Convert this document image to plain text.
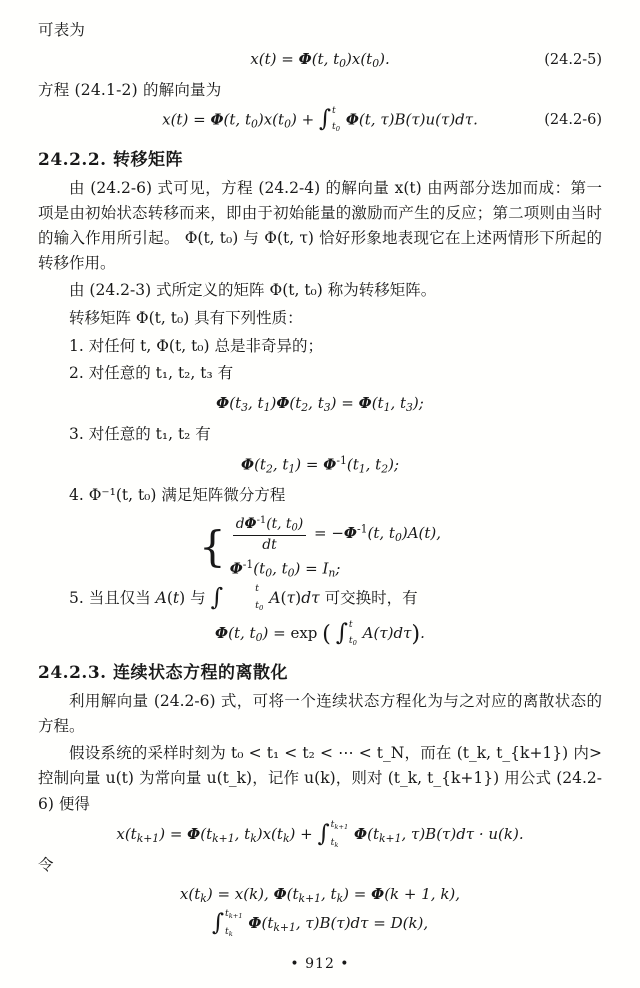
可表为

x(t) = Φ(t, $t_0)x(t_0)$.	(24.2-5)

方程 (24.1-2) 的解向量为

x(t) = Φ(t, $t_0)x(t_0)$ + ∫ t
$t_0$
Φ(t, τ)B(τ)u(τ)dτ.	(24.2-6)
24.2.2. 转移矩阵

由 (24.2-6) 式可见，方程 (24.2-4) 的解向量 x(t) 由两部分迭加而成：第一项是由初始状态转移而来，即由于初始能量的激励而产生的反应；第二项则由当时的输入作用所引起。 Φ(t, t₀) 与 Φ(t, τ) 恰好形象地表现它在上述两情形下所起的转移作用。

由 (24.2-3) 式所定义的矩阵 Φ(t, t₀) 称为转移矩阵。

转移矩阵 Φ(t, t₀) 具有下列性质：

1. 对任何 t, Φ(t, t₀) 总是非奇异的；

2. 对任意的 t₁, t₂, t₃ 有

$\Phi(t_3$, $t_1)\Phi(t_2$, $t_3) = \Phi(t_1$, $t_3$);

3. 对任意的 t₁, t₂ 有

$\Phi(t_2$, $t_1) = \Phi^{-1}(t_1$, $t_2$);

4. Φ⁻¹(t, t₀) 满足矩阵微分方程

{ $\frac{d\Phi^{-1}(t, t_0)}{dt} = -\Phi^{-1}(t$, $t_0)A(t)$,
$\Phi^{-1}(t_0$, $t_0) = I_n$;

5. 当且仅当 A(t) 与 ∫	t
$t_0$
A(τ)dτ 可交换时，有

Φ(t, $t_0) = \exp$ ( ∫ t
$t_0$
A(τ)dτ).
24.2.3. 连续状态方程的离散化

利用解向量 (24.2-6) 式，可将一个连续状态方程化为与之对应的离散状态的方程。

假设系统的采样时刻为 t₀ < t₁ < t₂ < ⋯ < t_N，而在 (t_k, t_{k+1}) 内>控制向量 u(t) 为常向量 u(t_k)，记作 u(k)，则对 (t_k, t_{k+1}) 用公式 (24.2-6) 便得

$x(t_{k+1}) = \Phi(t_{k+1}$, $t_k)x(t_k)$ + ∫ $t_{k+1}$
$t_k$
$\Phi(t_{k+1}$, τ)B(τ)dτ · u(k).

令

$x(t_k) = x(k)$, $\Phi(t_{k+1}$, $t_k) = \Phi(k + 1$, k),
∫ $t_{k+1}$
$t_k$
$\Phi(t_{k+1}$, τ)B(τ)dτ = D(k),
• 912 •
